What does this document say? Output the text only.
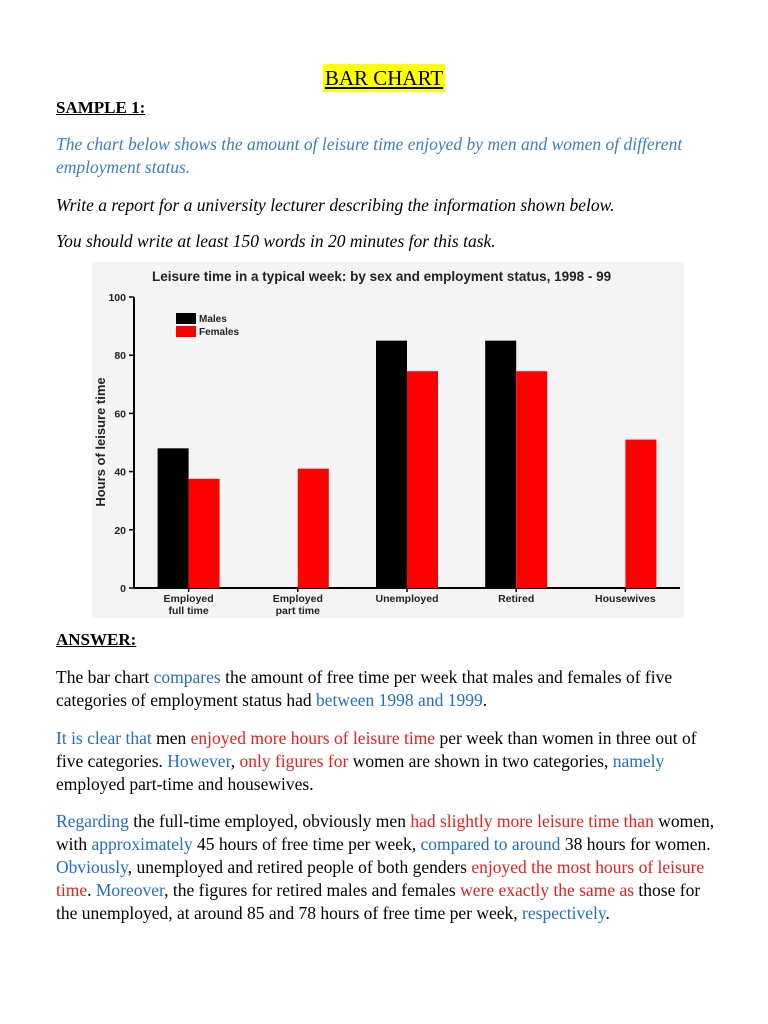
BAR CHART
SAMPLE 1:
The chart below shows the amount of leisure time enjoyed by men and women of different employment status.
Write a report for a university lecturer describing the information shown below.
You should write at least 150 words in 20 minutes for this task.
Leisure time in a typical week: by sex and employment status, 1998 - 99
Hours of leisure time
0
20
40
60
80
100
Employed
full time
Employed
part time
Unemployed	Retired	Housewives
Males
Females
ANSWER:
The bar chart compares the amount of free time per week that males and females of five categories of employment status had between 1998 and 1999.
It is clear that men enjoyed more hours of leisure time per week than women in three out of five categories. However, only figures for women are shown in two categories, namely employed part-time and housewives.
Regarding the full-time employed, obviously men had slightly more leisure time than women, with approximately 45 hours of free time per week, compared to around 38 hours for women. Obviously, unemployed and retired people of both genders enjoyed the most hours of leisure time. Moreover, the figures for retired males and females were exactly the same as those for the unemployed, at around 85 and 78 hours of free time per week, respectively.
